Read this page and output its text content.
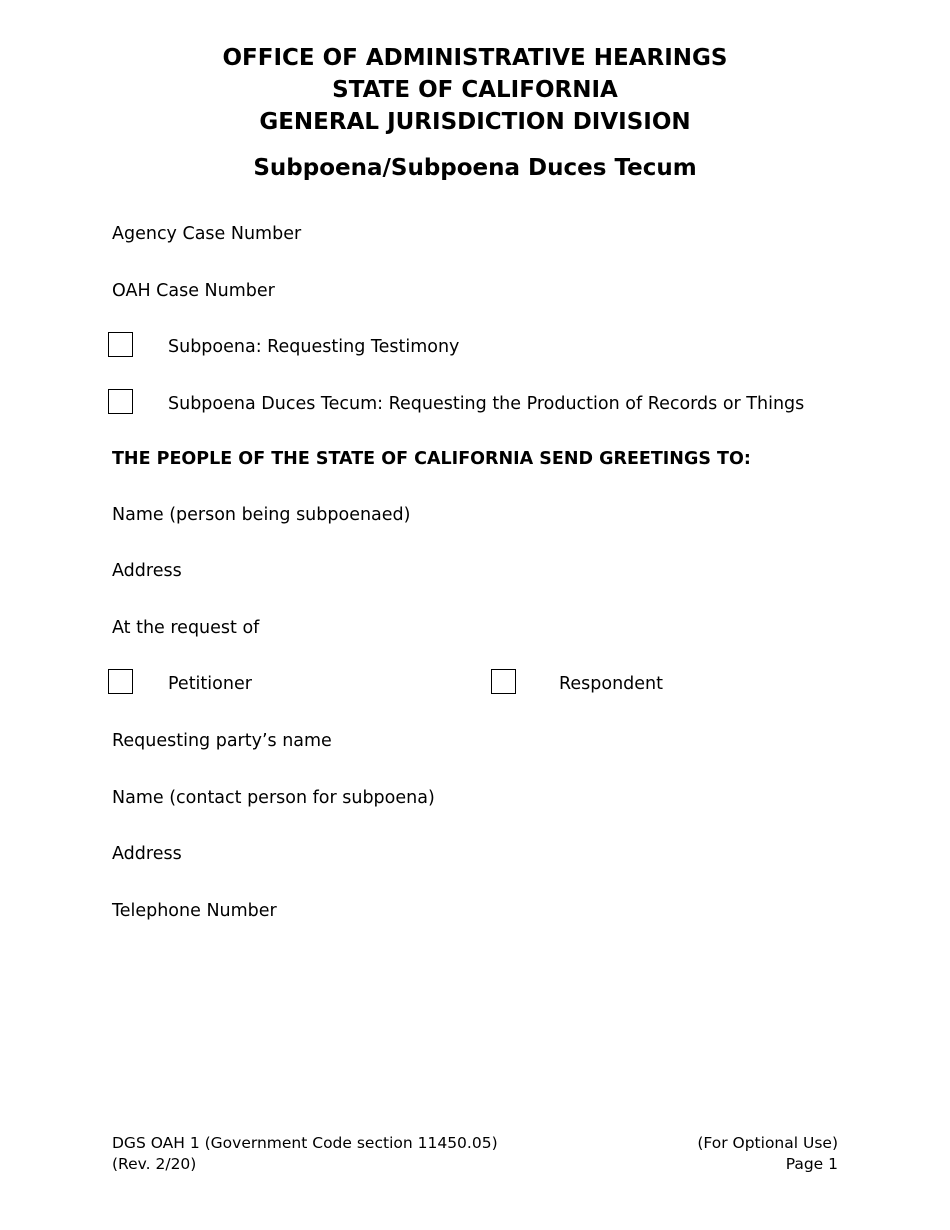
OFFICE OF ADMINISTRATIVE HEARINGS
STATE OF CALIFORNIA
GENERAL JURISDICTION DIVISION
Subpoena/Subpoena Duces Tecum
Agency Case Number
OAH Case Number
Subpoena: Requesting Testimony
Subpoena Duces Tecum: Requesting the Production of Records or Things
THE PEOPLE OF THE STATE OF CALIFORNIA SEND GREETINGS TO:
Name (person being subpoenaed)
Address
At the request of
Petitioner	Respondent
Requesting party’s name
Name (contact person for subpoena)
Address
Telephone Number
DGS OAH 1 (Government Code section 11450.05)
(Rev. 2/20)
(For Optional Use)
Page 1
